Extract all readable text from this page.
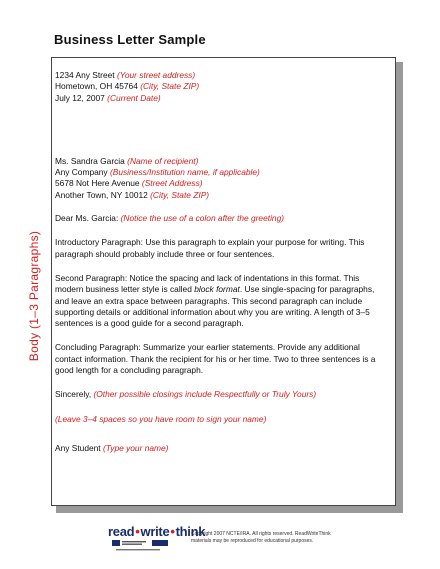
Business Letter Sample

1234 Any Street (Your street address)

Hometown, OH 45764 (City, State ZIP)

July 12, 2007 (Current Date)

Ms. Sandra Garcia (Name of recipient)

Any Company (Business/Institution name, if applicable)

5678 Not Here Avenue (Street Address)

Another Town, NY 10012 (City, State ZIP)

Dear Ms. Garcia: (Notice the use of a colon after the greeting)

Introductory Paragraph: Use this paragraph to explain your purpose for writing. This paragraph should probably include three or four sentences.

Second Paragraph: Notice the spacing and lack of indentations in this format. This modern business letter style is called block format. Use single-spacing for paragraphs, and leave an extra space between paragraphs. This second paragraph can include supporting details or additional information about why you are writing. A length of 3–5 sentences is a good guide for a second paragraph.

Concluding Paragraph: Summarize your earlier statements. Provide any additional contact information. Thank the recipient for his or her time. Two to three sentences is a good length for a concluding paragraph.

Sincerely, (Other possible closings include Respectfully or Truly Yours)

(Leave 3–4 spaces so you have room to sign your name)

Any Student (Type your name)

Body (1–3 Paragraphs)
read•write•think
Copyright 2007 NCTE/IRA. All rights reserved. ReadWriteThink
materials may be reproduced for educational purposes.
